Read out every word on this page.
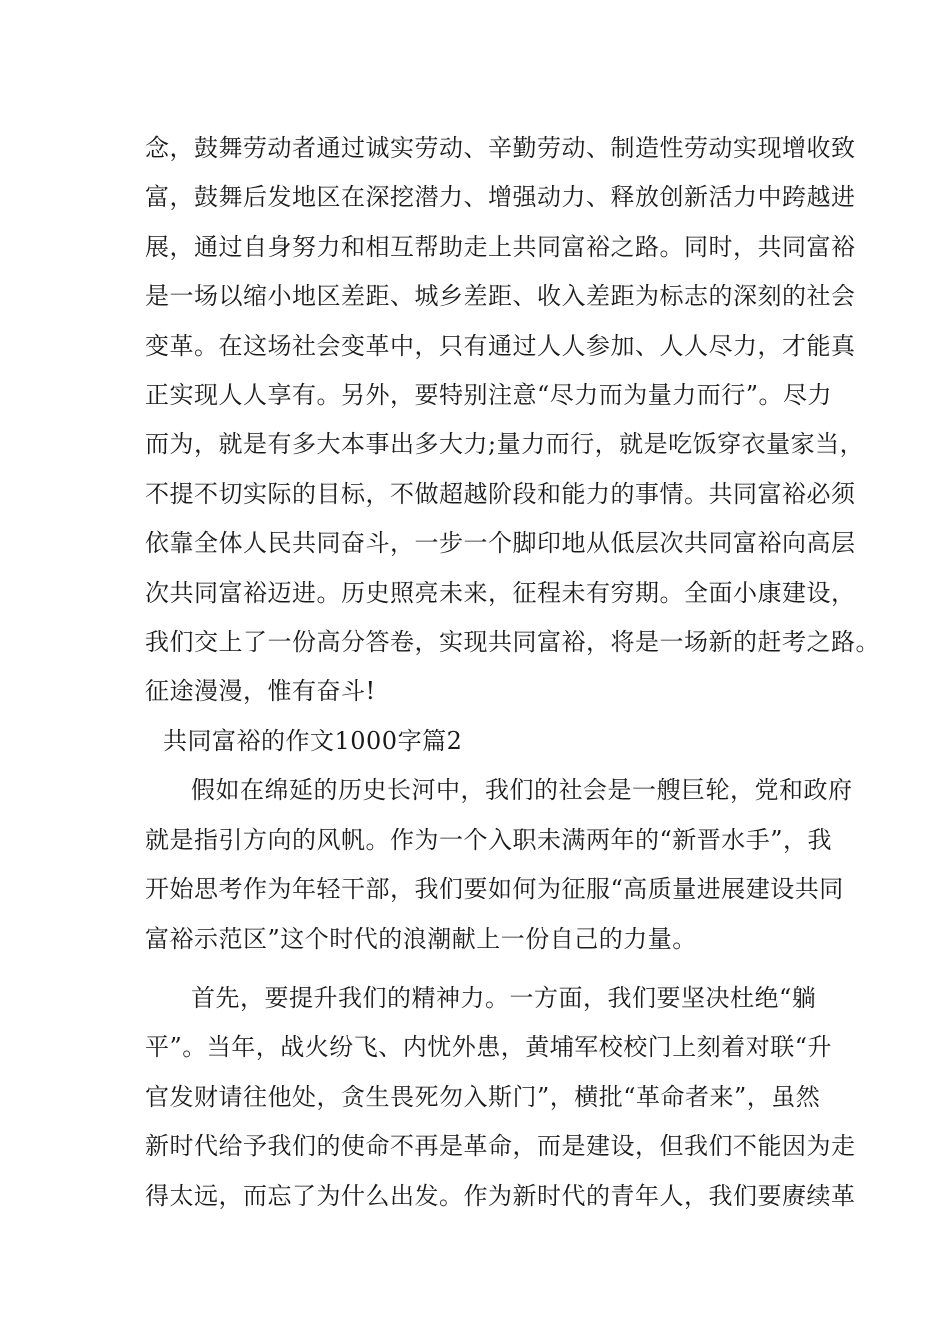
念，鼓舞劳动者通过诚实劳动、辛勤劳动、制造性劳动实现增收致
富，鼓舞后发地区在深挖潜力、增强动力、释放创新活力中跨越进
展，通过自身努力和相互帮助走上共同富裕之路。同时，共同富裕
是一场以缩小地区差距、城乡差距、收入差距为标志的深刻的社会
变革。在这场社会变革中，只有通过人人参加、人人尽力，才能真
正实现人人享有。另外，要特别注意“尽力而为量力而行”。尽力
而为，就是有多大本事出多大力;量力而行，就是吃饭穿衣量家当，
不提不切实际的目标，不做超越阶段和能力的事情。共同富裕必须
依靠全体人民共同奋斗，一步一个脚印地从低层次共同富裕向高层
次共同富裕迈进。历史照亮未来，征程未有穷期。全面小康建设，
我们交上了一份高分答卷，实现共同富裕，将是一场新的赶考之路。
征途漫漫，惟有奋斗!

共同富裕的作文1000字篇2

假如在绵延的历史长河中，我们的社会是一艘巨轮，党和政府
就是指引方向的风帆。作为一个入职未满两年的“新晋水手”，我
开始思考作为年轻干部，我们要如何为征服“高质量进展建设共同
富裕示范区”这个时代的浪潮献上一份自己的力量。

首先，要提升我们的精神力。一方面，我们要坚决杜绝“躺
平”。当年，战火纷飞、内忧外患，黄埔军校校门上刻着对联“升
官发财请往他处，贪生畏死勿入斯门”，横批“革命者来”，虽然
新时代给予我们的使命不再是革命，而是建设，但我们不能因为走
得太远，而忘了为什么出发。作为新时代的青年人，我们要赓续革
